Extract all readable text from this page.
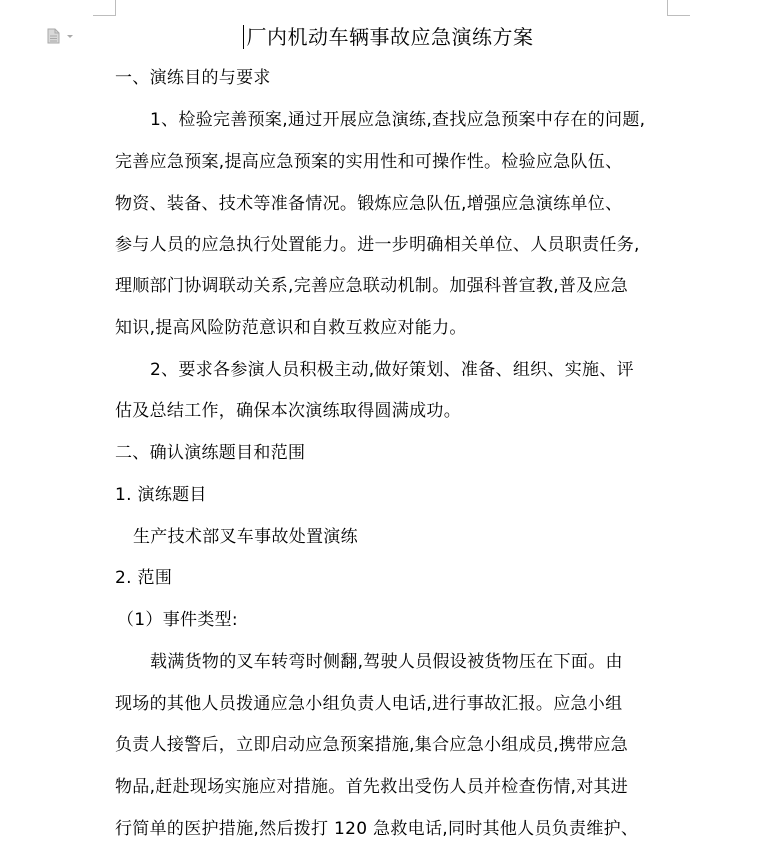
厂内机动车辆事故应急演练方案
一、演练目的与要求
1、检验完善预案,通过开展应急演练,查找应急预案中存在的问题,
完善应急预案,提高应急预案的实用性和可操作性。检验应急队伍、
物资、装备、技术等准备情况。锻炼应急队伍,增强应急演练单位、
参与人员的应急执行处置能力。进一步明确相关单位、人员职责任务,
理顺部门协调联动关系,完善应急联动机制。加强科普宣教,普及应急
知识,提高风险防范意识和自救互救应对能力。
2、要求各参演人员积极主动,做好策划、准备、组织、实施、评
估及总结工作，确保本次演练取得圆满成功。
二、确认演练题目和范围
1. 演练题目
生产技术部叉车事故处置演练
2. 范围
（1）事件类型:
载满货物的叉车转弯时侧翻,驾驶人员假设被货物压在下面。由
现场的其他人员拨通应急小组负责人电话,进行事故汇报。应急小组
负责人接警后，立即启动应急预案措施,集合应急小组成员,携带应急
物品,赶赴现场实施应对措施。首先救出受伤人员并检查伤情,对其进
行简单的医护措施,然后拨打 120 急救电话,同时其他人员负责维护、
